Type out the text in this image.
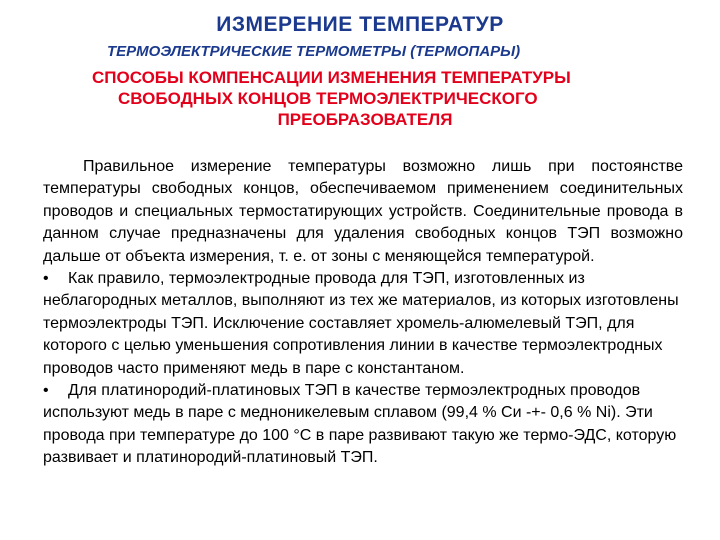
ИЗМЕРЕНИЕ ТЕМПЕРАТУР
ТЕРМОЭЛЕКТРИЧЕСКИЕ ТЕРМОМЕТРЫ (ТЕРМОПАРЫ)
СПОСОБЫ КОМПЕНСАЦИИ ИЗМЕНЕНИЯ ТЕМПЕРАТУРЫ
СВОБОДНЫХ КОНЦОВ ТЕРМОЭЛЕКТРИЧЕСКОГО
ПРЕОБРАЗОВАТЕЛЯ

Правильное измерение температуры возможно лишь при постоянстве температуры свободных концов, обеспечиваемом применением соединительных проводов и специальных термостатирующих устройств. Соединительные провода в данном случае предназначены для удаления свободных концов ТЭП возможно дальше от объекта измерения, т. е. от зоны с меняющейся температурой.

• Как правило, термоэлектродные провода для ТЭП, изготовленных из неблагородных металлов, выполняют из тех же материалов, из которых изготовлены термоэлектроды ТЭП. Исключение составляет хромель-алюмелевый ТЭП, для которого с целью уменьшения сопротивления линии в качестве термоэлектродных проводов часто применяют медь в паре с константаном.

• Для платинородий-платиновых ТЭП в качестве термоэлектродных проводов используют медь в паре с медноникелевым сплавом (99,4 % Си -+- 0,6 % Ni). Эти провода при температуре до 100 °С в паре развивают такую же термо-ЭДС, которую развивает и платинородий-платиновый ТЭП.
